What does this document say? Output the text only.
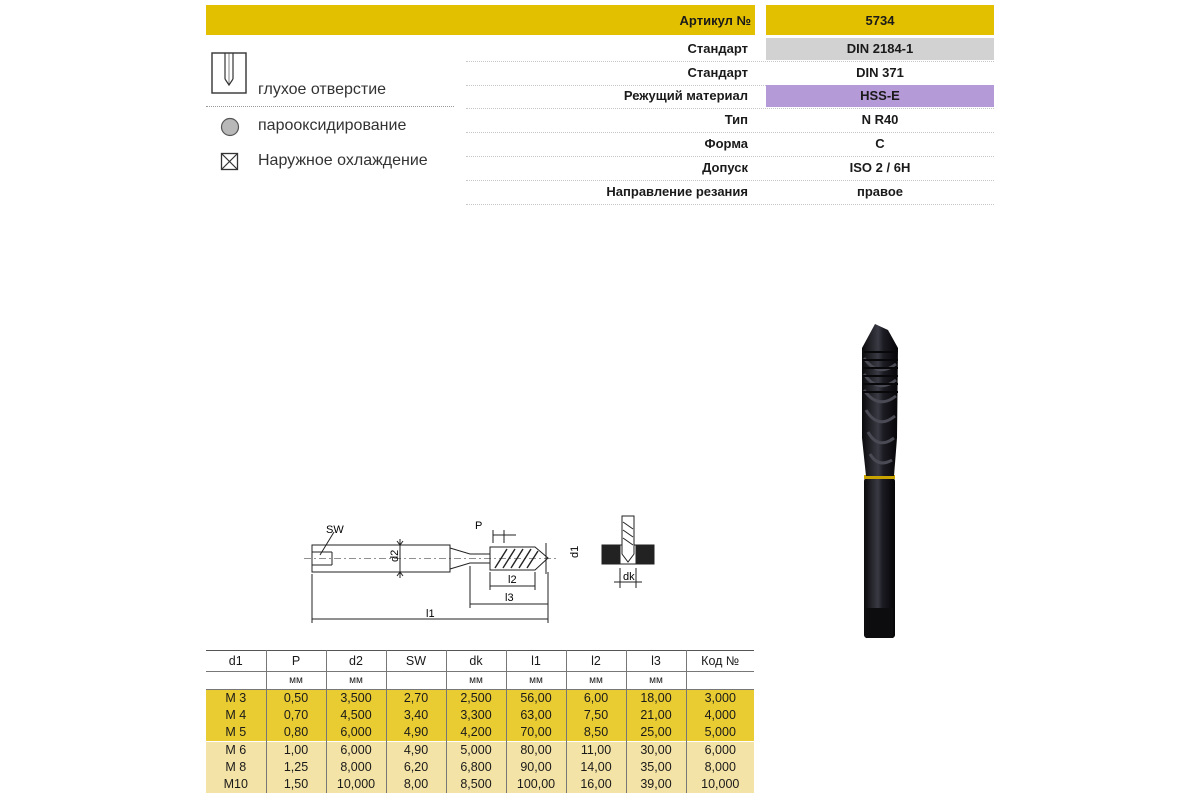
Артикул №	5734
Стандарт	DIN 2184-1
Стандарт	DIN 371
Режущий материал	HSS-E
Тип	N R40
Форма	C
Допуск	ISO 2 / 6H
Направление резания	правое
глухое отверстие
парооксидирование
Наружное охлаждение
SW	P
d2	d1
l1
l2
l3
dk
d1	P	d2	SW	dk	l1	l2	l3	Код №
	мм	мм		мм	мм	мм	мм	
M 3	0,50	3,500	2,70	2,500	56,00	6,00	18,00	3,000
M 4	0,70	4,500	3,40	3,300	63,00	7,50	21,00	4,000
M 5	0,80	6,000	4,90	4,200	70,00	8,50	25,00	5,000
M 6	1,00	6,000	4,90	5,000	80,00	11,00	30,00	6,000
M 8	1,25	8,000	6,20	6,800	90,00	14,00	35,00	8,000
M10	1,50	10,000	8,00	8,500	100,00	16,00	39,00	10,000
